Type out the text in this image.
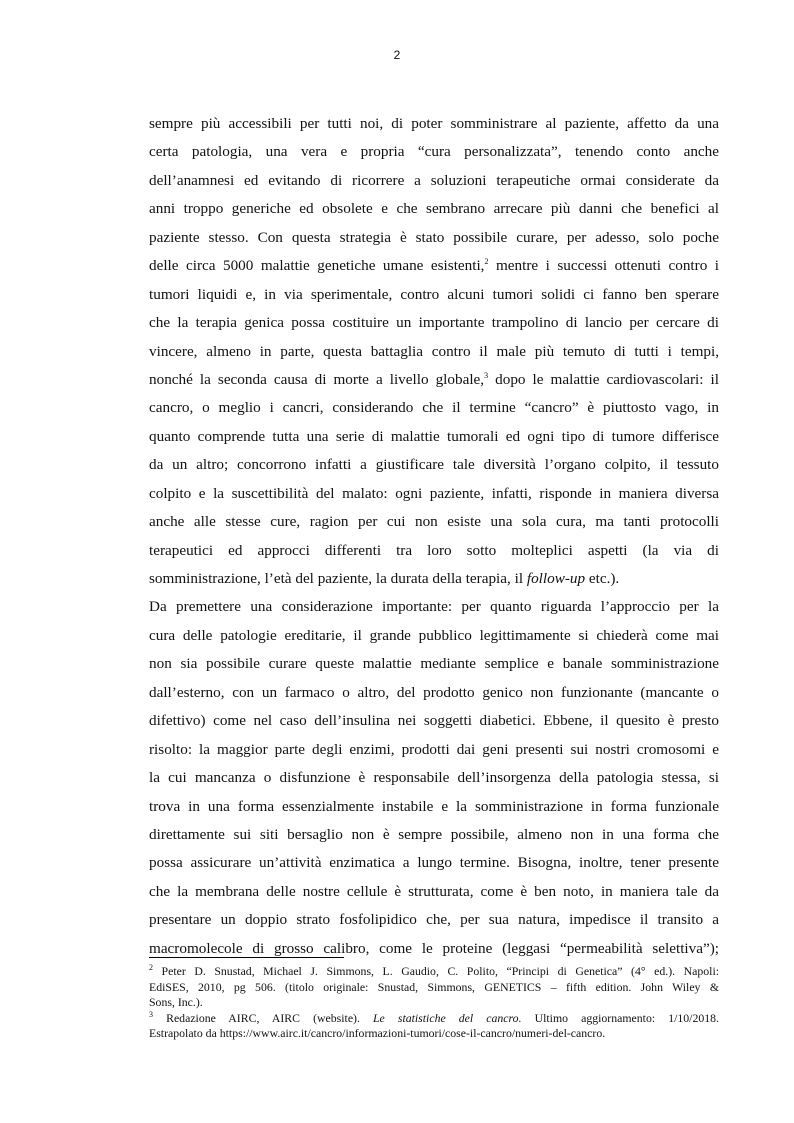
2
sempre più accessibili per tutti noi, di poter somministrare al paziente, affetto da una
certa patologia, una vera e propria “cura personalizzata”, tenendo conto anche
dell’anamnesi ed evitando di ricorrere a soluzioni terapeutiche ormai considerate da
anni troppo generiche ed obsolete e che sembrano arrecare più danni che benefici al
paziente stesso. Con questa strategia è stato possibile curare, per adesso, solo poche
delle circa 5000 malattie genetiche umane esistenti,$^2$ mentre i successi ottenuti contro i
tumori liquidi e, in via sperimentale, contro alcuni tumori solidi ci fanno ben sperare
che la terapia genica possa costituire un importante trampolino di lancio per cercare di
vincere, almeno in parte, questa battaglia contro il male più temuto di tutti i tempi,
nonché la seconda causa di morte a livello globale,$^3$ dopo le malattie cardiovascolari: il
cancro, o meglio i cancri, considerando che il termine “cancro” è piuttosto vago, in
quanto comprende tutta una serie di malattie tumorali ed ogni tipo di tumore differisce
da un altro; concorrono infatti a giustificare tale diversità l’organo colpito, il tessuto
colpito e la suscettibilità del malato: ogni paziente, infatti, risponde in maniera diversa
anche alle stesse cure, ragion per cui non esiste una sola cura, ma tanti protocolli
terapeutici ed approcci differenti tra loro sotto molteplici aspetti (la via di
somministrazione, l’età del paziente, la durata della terapia, il follow-up etc.).
Da premettere una considerazione importante: per quanto riguarda l’approccio per la
cura delle patologie ereditarie, il grande pubblico legittimamente si chiederà come mai
non sia possibile curare queste malattie mediante semplice e banale somministrazione
dall’esterno, con un farmaco o altro, del prodotto genico non funzionante (mancante o
difettivo) come nel caso dell’insulina nei soggetti diabetici. Ebbene, il quesito è presto
risolto: la maggior parte degli enzimi, prodotti dai geni presenti sui nostri cromosomi e
la cui mancanza o disfunzione è responsabile dell’insorgenza della patologia stessa, si
trova in una forma essenzialmente instabile e la somministrazione in forma funzionale
direttamente sui siti bersaglio non è sempre possibile, almeno non in una forma che
possa assicurare un’attività enzimatica a lungo termine. Bisogna, inoltre, tener presente
che la membrana delle nostre cellule è strutturata, come è ben noto, in maniera tale da
presentare un doppio strato fosfolipidico che, per sua natura, impedisce il transito a
macromolecole di grosso calibro, come le proteine (leggasi “permeabilità selettiva”);
$^2$ Peter D. Snustad, Michael J. Simmons, L. Gaudio, C. Polito, “Principi di Genetica” (4° ed.). Napoli:
EdiSES, 2010, pg 506. (titolo originale: Snustad, Simmons, GENETICS – fifth edition. John Wiley &
Sons, Inc.).
$^3$ Redazione AIRC, AIRC (website). Le statistiche del cancro. Ultimo aggiornamento: 1/10/2018.
Estrapolato da https://www.airc.it/cancro/informazioni-tumori/cose-il-cancro/numeri-del-cancro.
